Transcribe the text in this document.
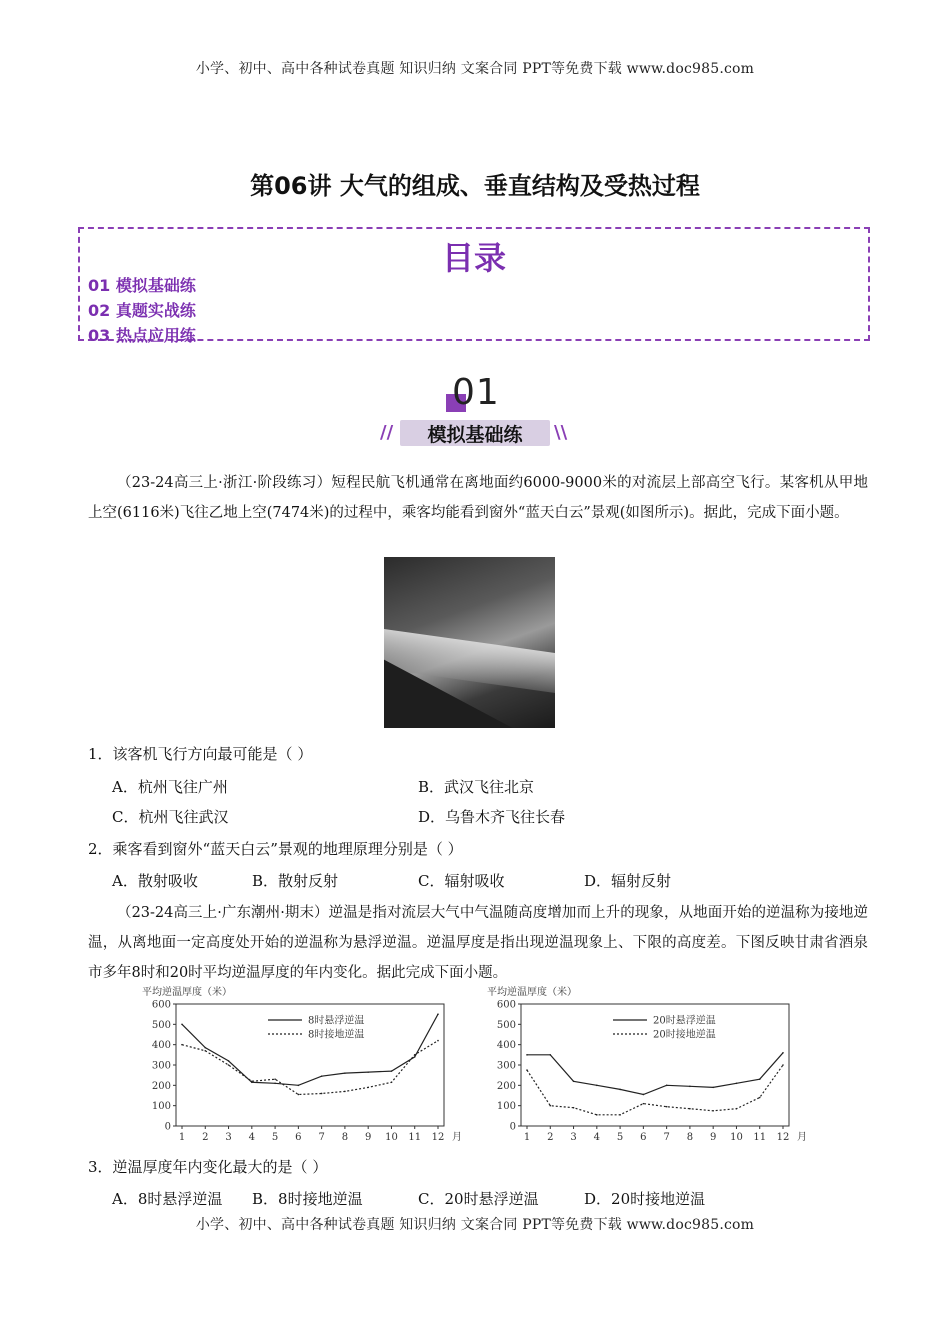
小学、初中、高中各种试卷真题 知识归纳 文案合同 PPT等免费下载 www.doc985.com
第06讲 大气的组成、垂直结构及受热过程
目录
01 模拟基础练
02 真题实战练
03 热点应用练
01
//	模拟基础练	\\
（23-24高三上·浙江·阶段练习）短程民航飞机通常在离地面约6000-9000米的对流层上部高空飞行。某客机从甲地上空(6116米)飞往乙地上空(7474米)的过程中，乘客均能看到窗外“蓝天白云”景观(如图所示)。据此，完成下面小题。
1．该客机飞行方向最可能是（ ）
A．杭州飞往广州	B．武汉飞往北京
C．杭州飞往武汉	D．乌鲁木齐飞往长春
2．乘客看到窗外“蓝天白云”景观的地理原理分别是（ ）
A．散射吸收	B．散射反射	C．辐射吸收	D．辐射反射
（23-24高三上·广东潮州·期末）逆温是指对流层大气中气温随高度增加而上升的现象，从地面开始的逆温称为接地逆温，从离地面一定高度处开始的逆温称为悬浮逆温。逆温厚度是指出现逆温现象上、下限的高度差。下图反映甘肃省酒泉市多年8时和20时平均逆温厚度的年内变化。据此完成下面小题。
平均逆温厚度（米）
0
100
200
300
400
500
600
1 2 3 4 5 6 7 8 9 10 11 12 月
8时悬浮逆温
8时接地逆温
平均逆温厚度（米）
0
100
200
300
400
500
600
1 2 3 4 5 6 7 8 9 10 11 12 月
20时悬浮逆温
20时接地逆温
3．逆温厚度年内变化最大的是（ ）
A．8时悬浮逆温 B．8时接地逆温	C．20时悬浮逆温	D．20时接地逆温
小学、初中、高中各种试卷真题 知识归纳 文案合同 PPT等免费下载 www.doc985.com
